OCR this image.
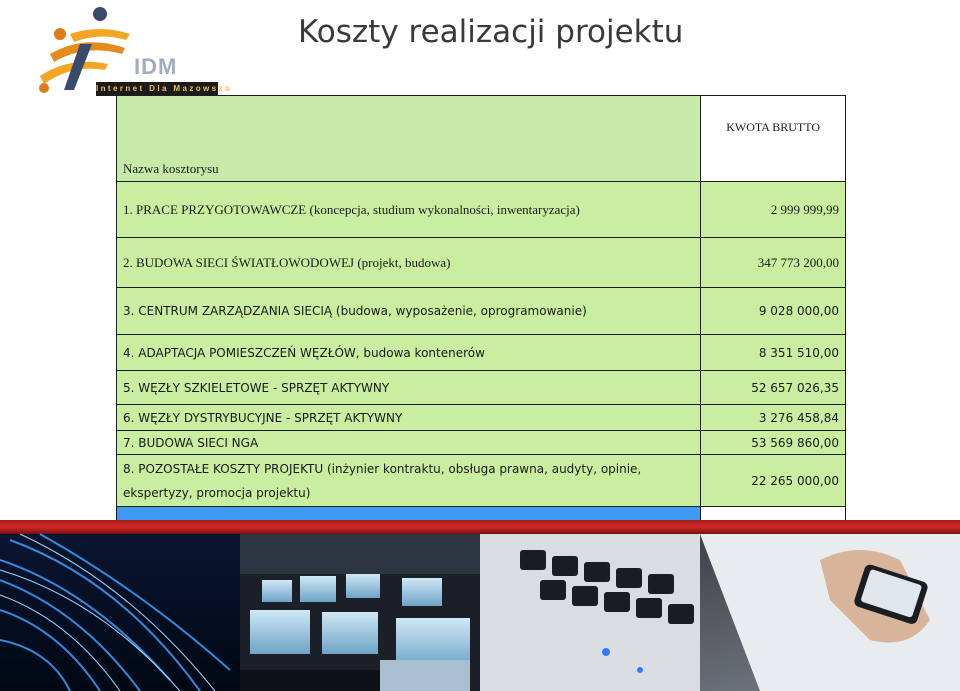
IDM
Internet Dla Mazowsza
Koszty realizacji projektu
Nazwa kosztorysu	KWOTA BRUTTO
1. PRACE PRZYGOTOWAWCZE (koncepcja, studium wykonalności, inwentaryzacja)	2 999 999,99
2. BUDOWA SIECI ŚWIATŁOWODOWEJ (projekt, budowa)	347 773 200,00
3. CENTRUM ZARZĄDZANIA SIECIĄ (budowa, wyposażenie, oprogramowanie)	9 028 000,00
4. ADAPTACJA POMIESZCZEŃ WĘZŁÓW, budowa kontenerów	8 351 510,00
5. WĘZŁY SZKIELETOWE - SPRZĘT AKTYWNY	52 657 026,35
6. WĘZŁY DYSTRYBUCYJNE - SPRZĘT AKTYWNY	3 276 458,84
7. BUDOWA SIECI NGA	53 569 860,00
8. POZOSTAŁE KOSZTY PROJEKTU (inżynier kontraktu, obsługa prawna, audyty, opinie, ekspertyzy, promocja projektu)	22 265 000,00
